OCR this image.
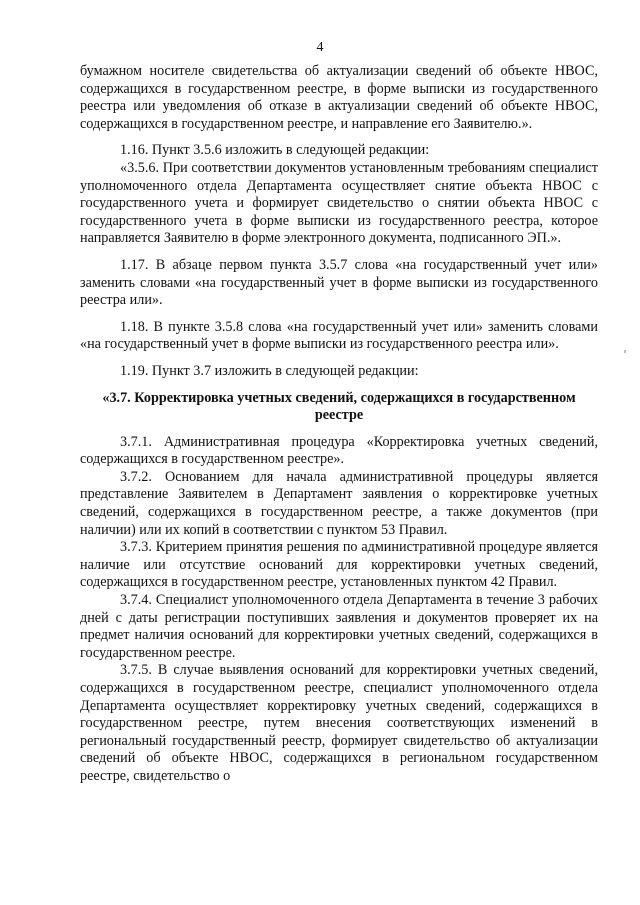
4

бумажном носителе свидетельства об актуализации сведений об объекте НВОС, содержащихся в государственном реестре, в форме выписки из государственного реестра или уведомления об отказе в актуализации сведений об объекте НВОС, содержащихся в государственном реестре, и направление его Заявителю.».

1.16. Пункт 3.5.6 изложить в следующей редакции:

«3.5.6. При соответствии документов установленным требованиям специалист уполномоченного отдела Департамента осуществляет снятие объекта НВОС с государственного учета и формирует свидетельство о снятии объекта НВОС с государственного учета в форме выписки из государственного реестра, которое направляется Заявителю в форме электронного документа, подписанного ЭП.».

1.17. В абзаце первом пункта 3.5.7 слова «на государственный учет или» заменить словами «на государственный учет в форме выписки из государственного реестра или».

1.18. В пункте 3.5.8 слова «на государственный учет или» заменить словами «на государственный учет в форме выписки из государственного реестра или».

1.19. Пункт 3.7 изложить в следующей редакции:

«3.7. Корректировка учетных сведений, содержащихся в государственном реестре

3.7.1. Административная процедура «Корректировка учетных сведений, содержащихся в государственном реестре».

3.7.2. Основанием для начала административной процедуры является представление Заявителем в Департамент заявления о корректировке учетных сведений, содержащихся в государственном реестре, а также документов (при наличии) или их копий в соответствии с пунктом 53 Правил.

3.7.3. Критерием принятия решения по административной процедуре является наличие или отсутствие оснований для корректировки учетных сведений, содержащихся в государственном реестре, установленных пунктом 42 Правил.

3.7.4. Специалист уполномоченного отдела Департамента в течение 3 рабочих дней с даты регистрации поступивших заявления и документов проверяет их на предмет наличия оснований для корректировки учетных сведений, содержащихся в государственном реестре.

3.7.5. В случае выявления оснований для корректировки учетных сведений, содержащихся в государственном реестре, специалист уполномоченного отдела Департамента осуществляет корректировку учетных сведений, содержащихся в государственном реестре, путем внесения соответствующих изменений в региональный государственный реестр, формирует свидетельство об актуализации сведений об объекте НВОС, содержащихся в региональном государственном реестре, свидетельство о
